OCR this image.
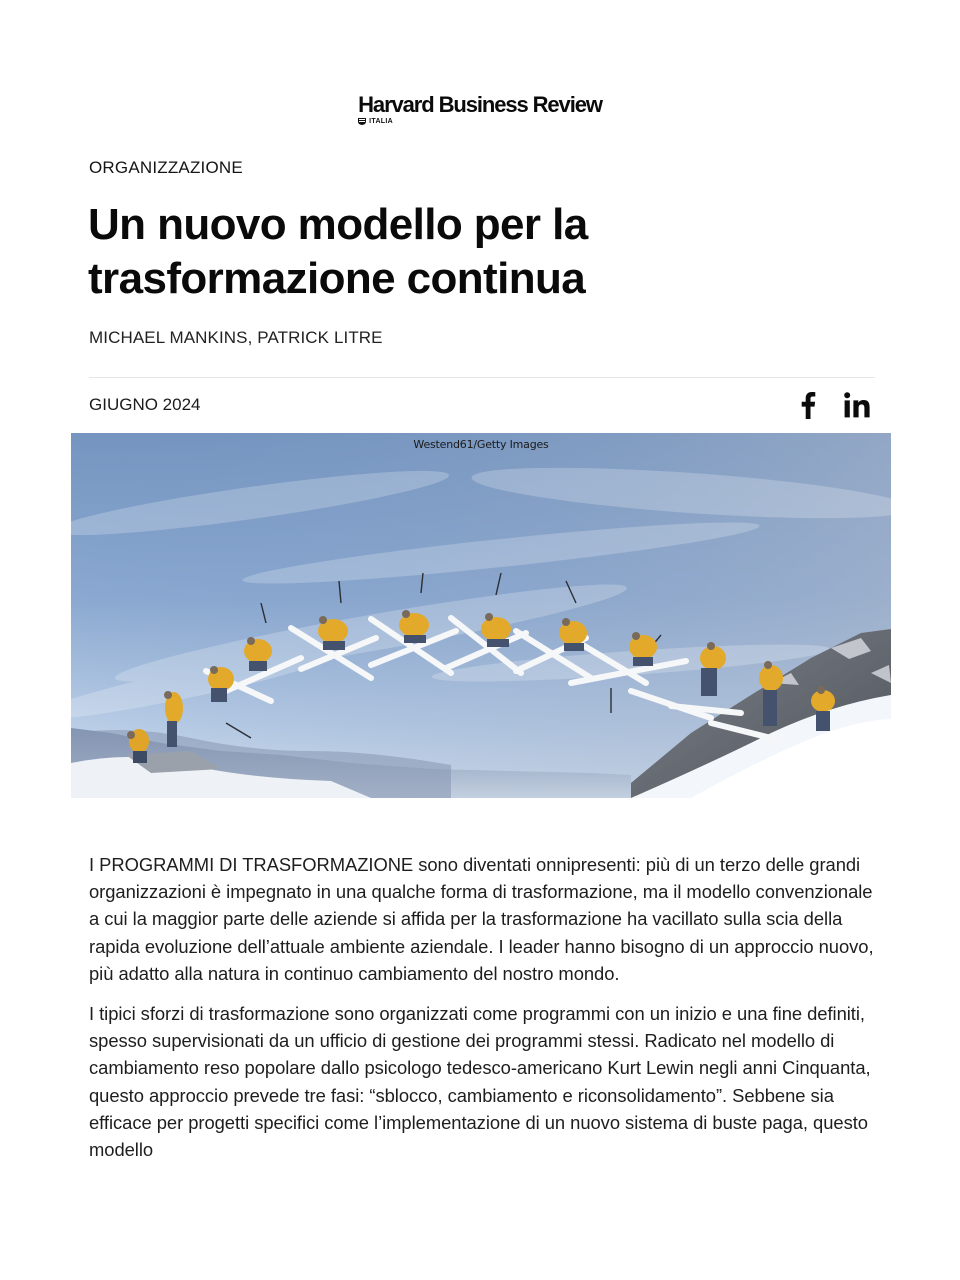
Harvard Business Review
ITALIA
ORGANIZZAZIONE
Un nuovo modello per la trasformazione continua
MICHAEL MANKINS, PATRICK LITRE
GIUGNO 2024
Westend61/Getty Images

I PROGRAMMI DI TRASFORMAZIONE sono diventati onnipresenti: più di un terzo delle grandi organizzazioni è impegnato in una qualche forma di trasformazione, ma il modello convenzionale a cui la maggior parte delle aziende si affida per la trasformazione ha vacillato sulla scia della rapida evoluzione dell’attuale ambiente aziendale. I leader hanno bisogno di un approccio nuovo, più adatto alla natura in continuo cambiamento del nostro mondo.

I tipici sforzi di trasformazione sono organizzati come programmi con un inizio e una fine definiti, spesso supervisionati da un ufficio di gestione dei programmi stessi. Radicato nel modello di cambiamento reso popolare dallo psicologo tedesco-americano Kurt Lewin negli anni Cinquanta, questo approccio prevede tre fasi: “sblocco, cambiamento e riconsolidamento”. Sebbene sia efficace per progetti specifici come l’implementazione di un nuovo sistema di buste paga, questo modello
